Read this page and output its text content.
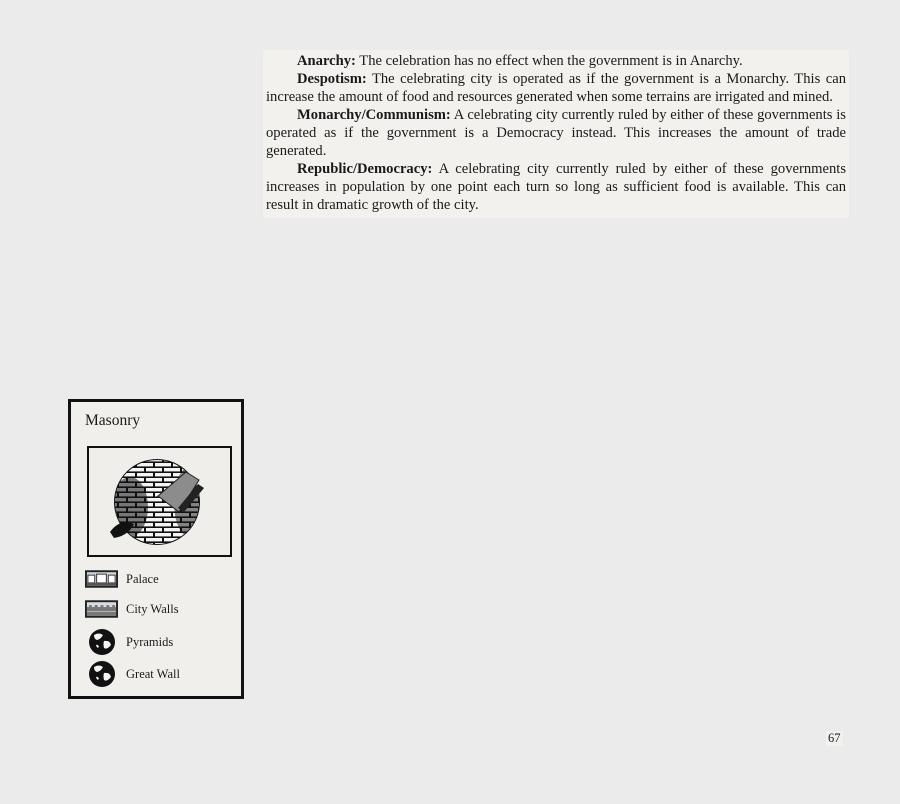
Anarchy: The celebration has no effect when the government is in Anarchy.

Despotism: The celebrating city is operated as if the government is a Monarchy. This can increase the amount of food and resources generated when some terrains are irrigated and mined.

Monarchy/Communism: A celebrating city currently ruled by either of these governments is operated as if the government is a Democracy instead. This increases the amount of trade generated.

Republic/Democracy: A celebrating city currently ruled by either of these governments increases in population by one point each turn so long as sufficient food is available. This can result in dramatic growth of the city.

Masonry
Palace
City Walls
Pyramids
Great Wall
67
